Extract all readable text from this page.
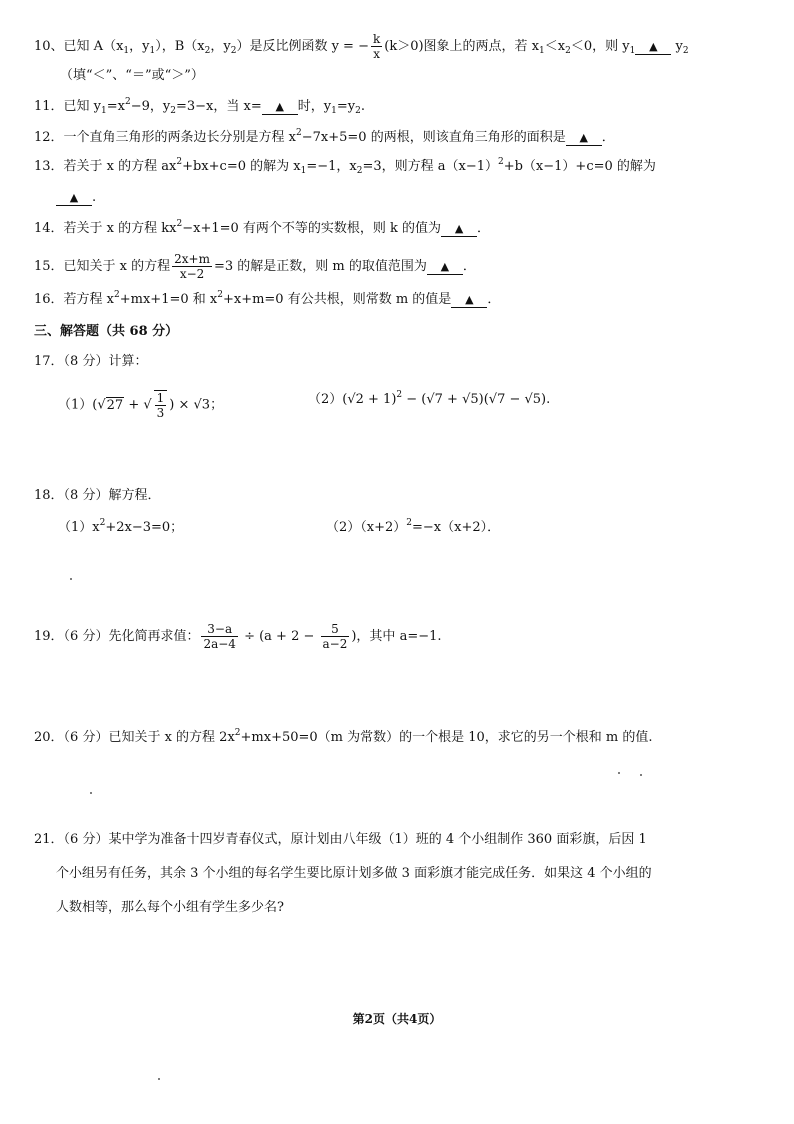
10、已知 $A(x_1$，$y_1$），$B(x_2$，$y_2$）是反比例函数 y = − $\frac{k}{x} (k>0)$图象上的两点，若 $x_1<x_2<0$，则 $y_1$ ▲ $y_2$
（填“＜”、“＝”或“＞”）
11．已知 $y_1=x^2-9$，$y_2=3-x$，当 x= ▲ 时，$y_1=y_2$.
12．一个直角三角形的两条边长分别是方程 $x^2-7x+5=0$ 的两根，则该直角三角形的面积是 ▲ ．
13．若关于 x 的方程 $ax^2+bx+c=0$ 的解为 $x_1=-1$，$x_2=3$，则方程 $a(x-1)^2+b(x-1)+c=0$ 的解为
▲ .
14．若关于 x 的方程 $kx^2-x+1=0$ 有两个不等的实数根，则 k 的值为 ▲ ．
15．已知关于 x 的方程 $\frac{2x+m}{x-2} =3$ 的解是正数，则 m 的取值范围为 ▲ ．
16．若方程 $x^2+mx+1=0$ 和 $x^2+x+m=0$ 有公共根，则常数 m 的值是 ▲ ．
三、解答题（共 68 分）
17．（8 分）计算：
（1）(√27 + √ $\frac{1}{3}$ ) × √3；	$(2)(√2 + 1)^2 - (√7 + √5)(√7 - √5)$.
18．（8 分）解方程．
$(1)x^2+2x-3=0$；	$(2)(x+2)^2=-x(x+2)$．
19．（6 分）先化简再求值： $\frac{3-a}{2a-4} \div (a + 2 - \frac{5}{a-2}$ )，其中 a=−1.
20．（6 分）已知关于 x 的方程 $2x^2+mx+50=0(m$ 为常数）的一个根是 10，求它的另一个根和 m 的值.
21．（6 分）某中学为准备十四岁青春仪式，原计划由八年级（1）班的 4 个小组制作 360 面彩旗，后因 1
个小组另有任务，其余 3 个小组的每名学生要比原计划多做 3 面彩旗才能完成任务．如果这 4 个小组的
人数相等，那么每个小组有学生多少名?
第2页（共4页）
